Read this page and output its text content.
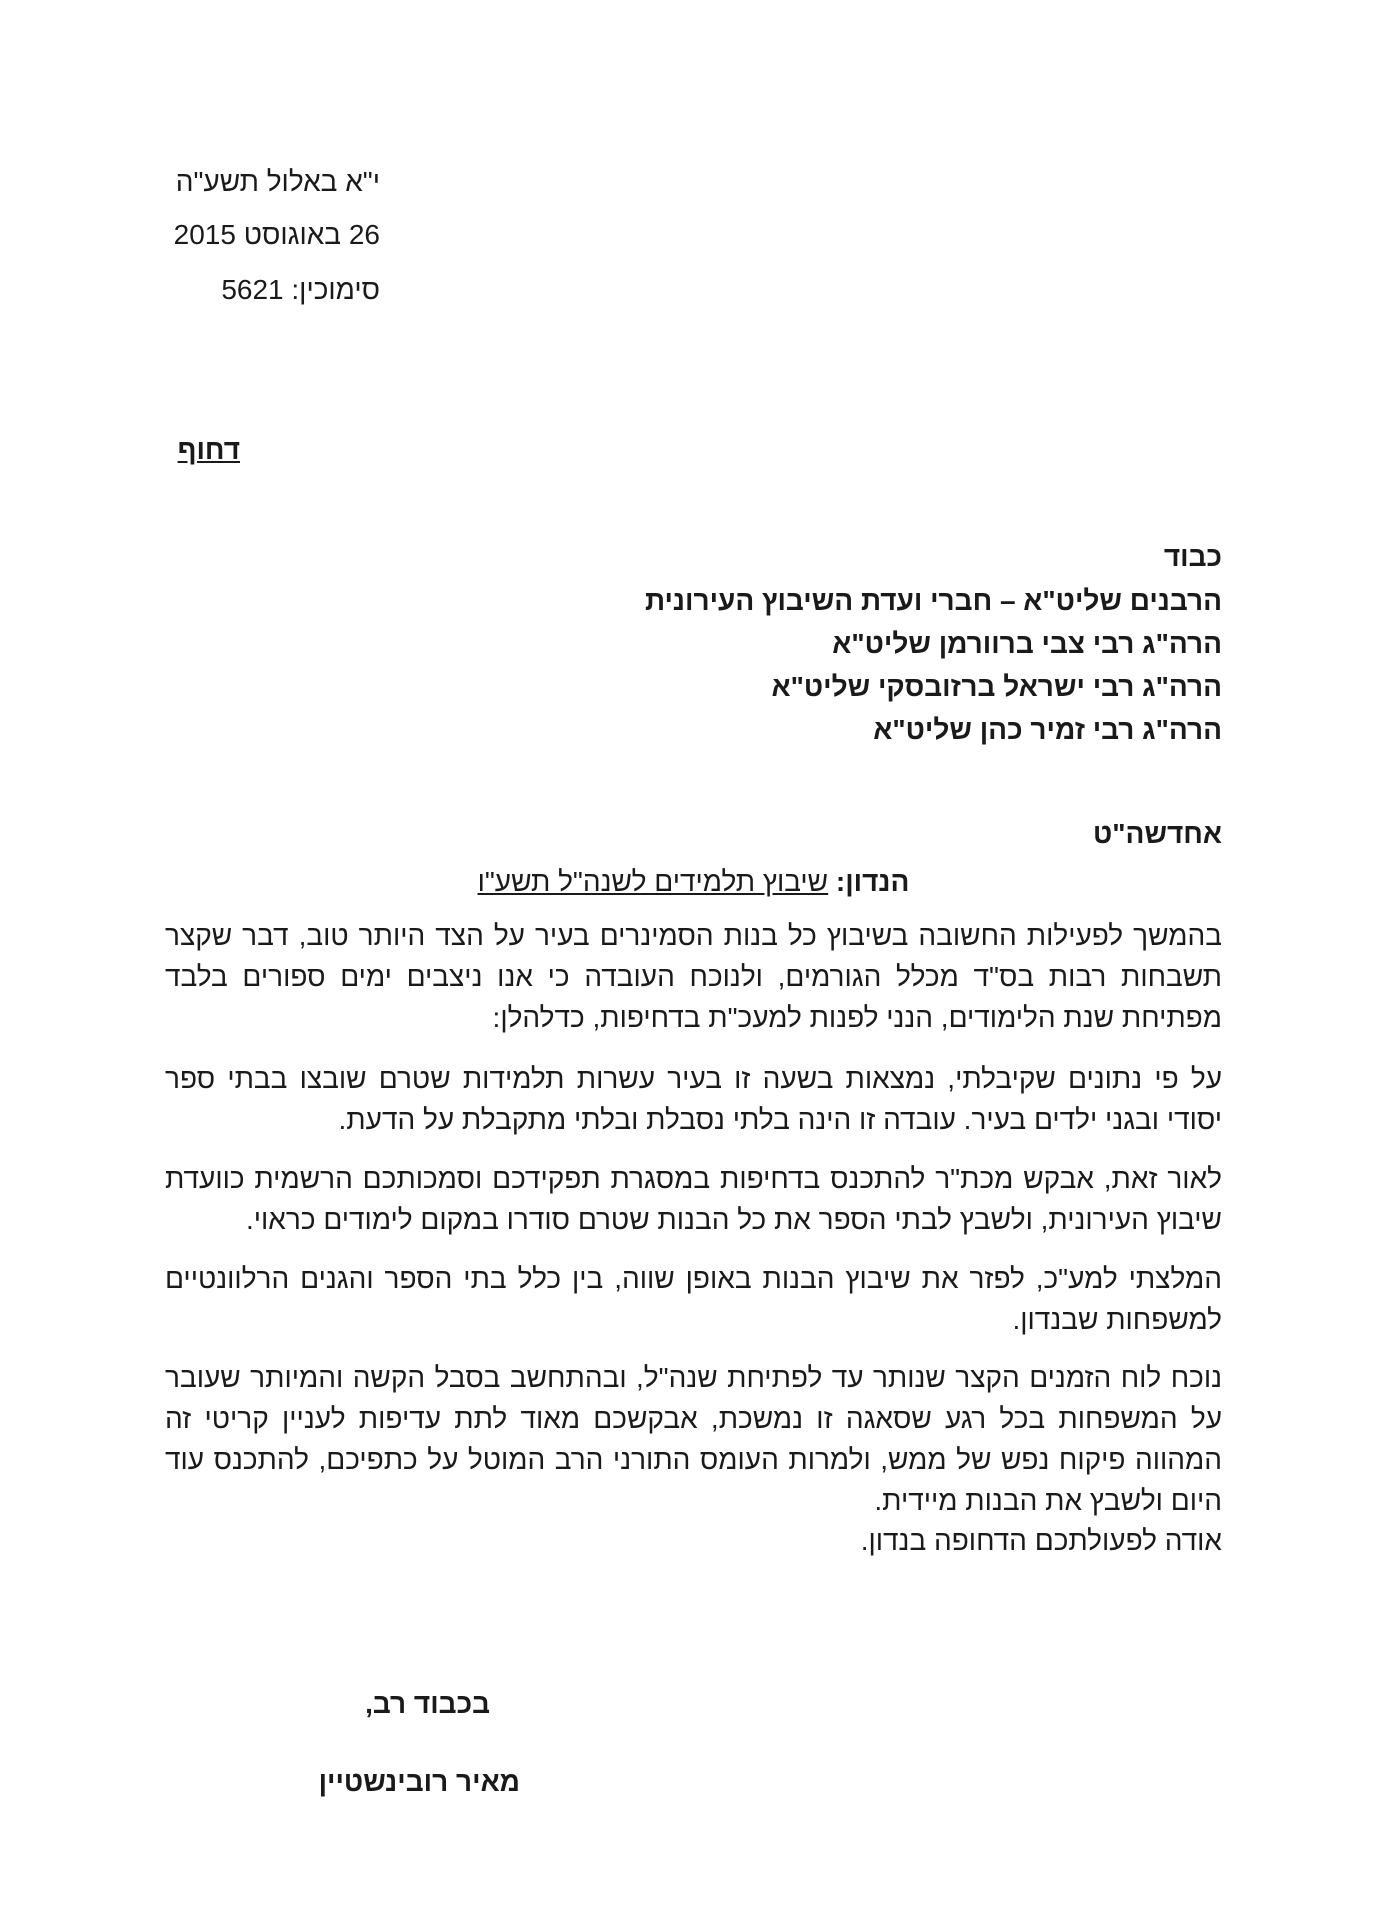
י"א באלול תשע"ה
26 באוגוסט 2015
סימוכין: 5621
דחוף
כבוד
הרבנים שליט"א – חברי ועדת השיבוץ העירונית
הרה"ג רבי צבי ברוורמן שליט"א
הרה"ג רבי ישראל ברזובסקי שליט"א
הרה"ג רבי זמיר כהן שליט"א
אחדשה"ט
הנדון: שיבוץ תלמידים לשנה"ל תשע"ו

בהמשך לפעילות החשובה בשיבוץ כל בנות הסמינרים בעיר על הצד היותר טוב, דבר שקצר תשבחות רבות בס"ד מכלל הגורמים, ולנוכח העובדה כי אנו ניצבים ימים ספורים בלבד מפתיחת שנת הלימודים, הנני לפנות למעכ"ת בדחיפות, כדלהלן:

על פי נתונים שקיבלתי, נמצאות בשעה זו בעיר עשרות תלמידות שטרם שובצו בבתי ספר יסודי ובגני ילדים בעיר. עובדה זו הינה בלתי נסבלת ובלתי מתקבלת על הדעת.

לאור זאת, אבקש מכת"ר להתכנס בדחיפות במסגרת תפקידכם וסמכותכם הרשמית כוועדת שיבוץ העירונית, ולשבץ לבתי הספר את כל הבנות שטרם סודרו במקום לימודים כראוי.

המלצתי למע"כ, לפזר את שיבוץ הבנות באופן שווה, בין כלל בתי הספר והגנים הרלוונטיים למשפחות שבנדון.

נוכח לוח הזמנים הקצר שנותר עד לפתיחת שנה"ל, ובהתחשב בסבל הקשה והמיותר שעובר על המשפחות בכל רגע שסאגה זו נמשכת, אבקשכם מאוד לתת עדיפות לעניין קריטי זה המהווה פיקוח נפש של ממש, ולמרות העומס התורני הרב המוטל על כתפיכם, להתכנס עוד היום ולשבץ את הבנות מיידית.

אודה לפעולתכם הדחופה בנדון.

בכבוד רב,
מאיר רובינשטיין
